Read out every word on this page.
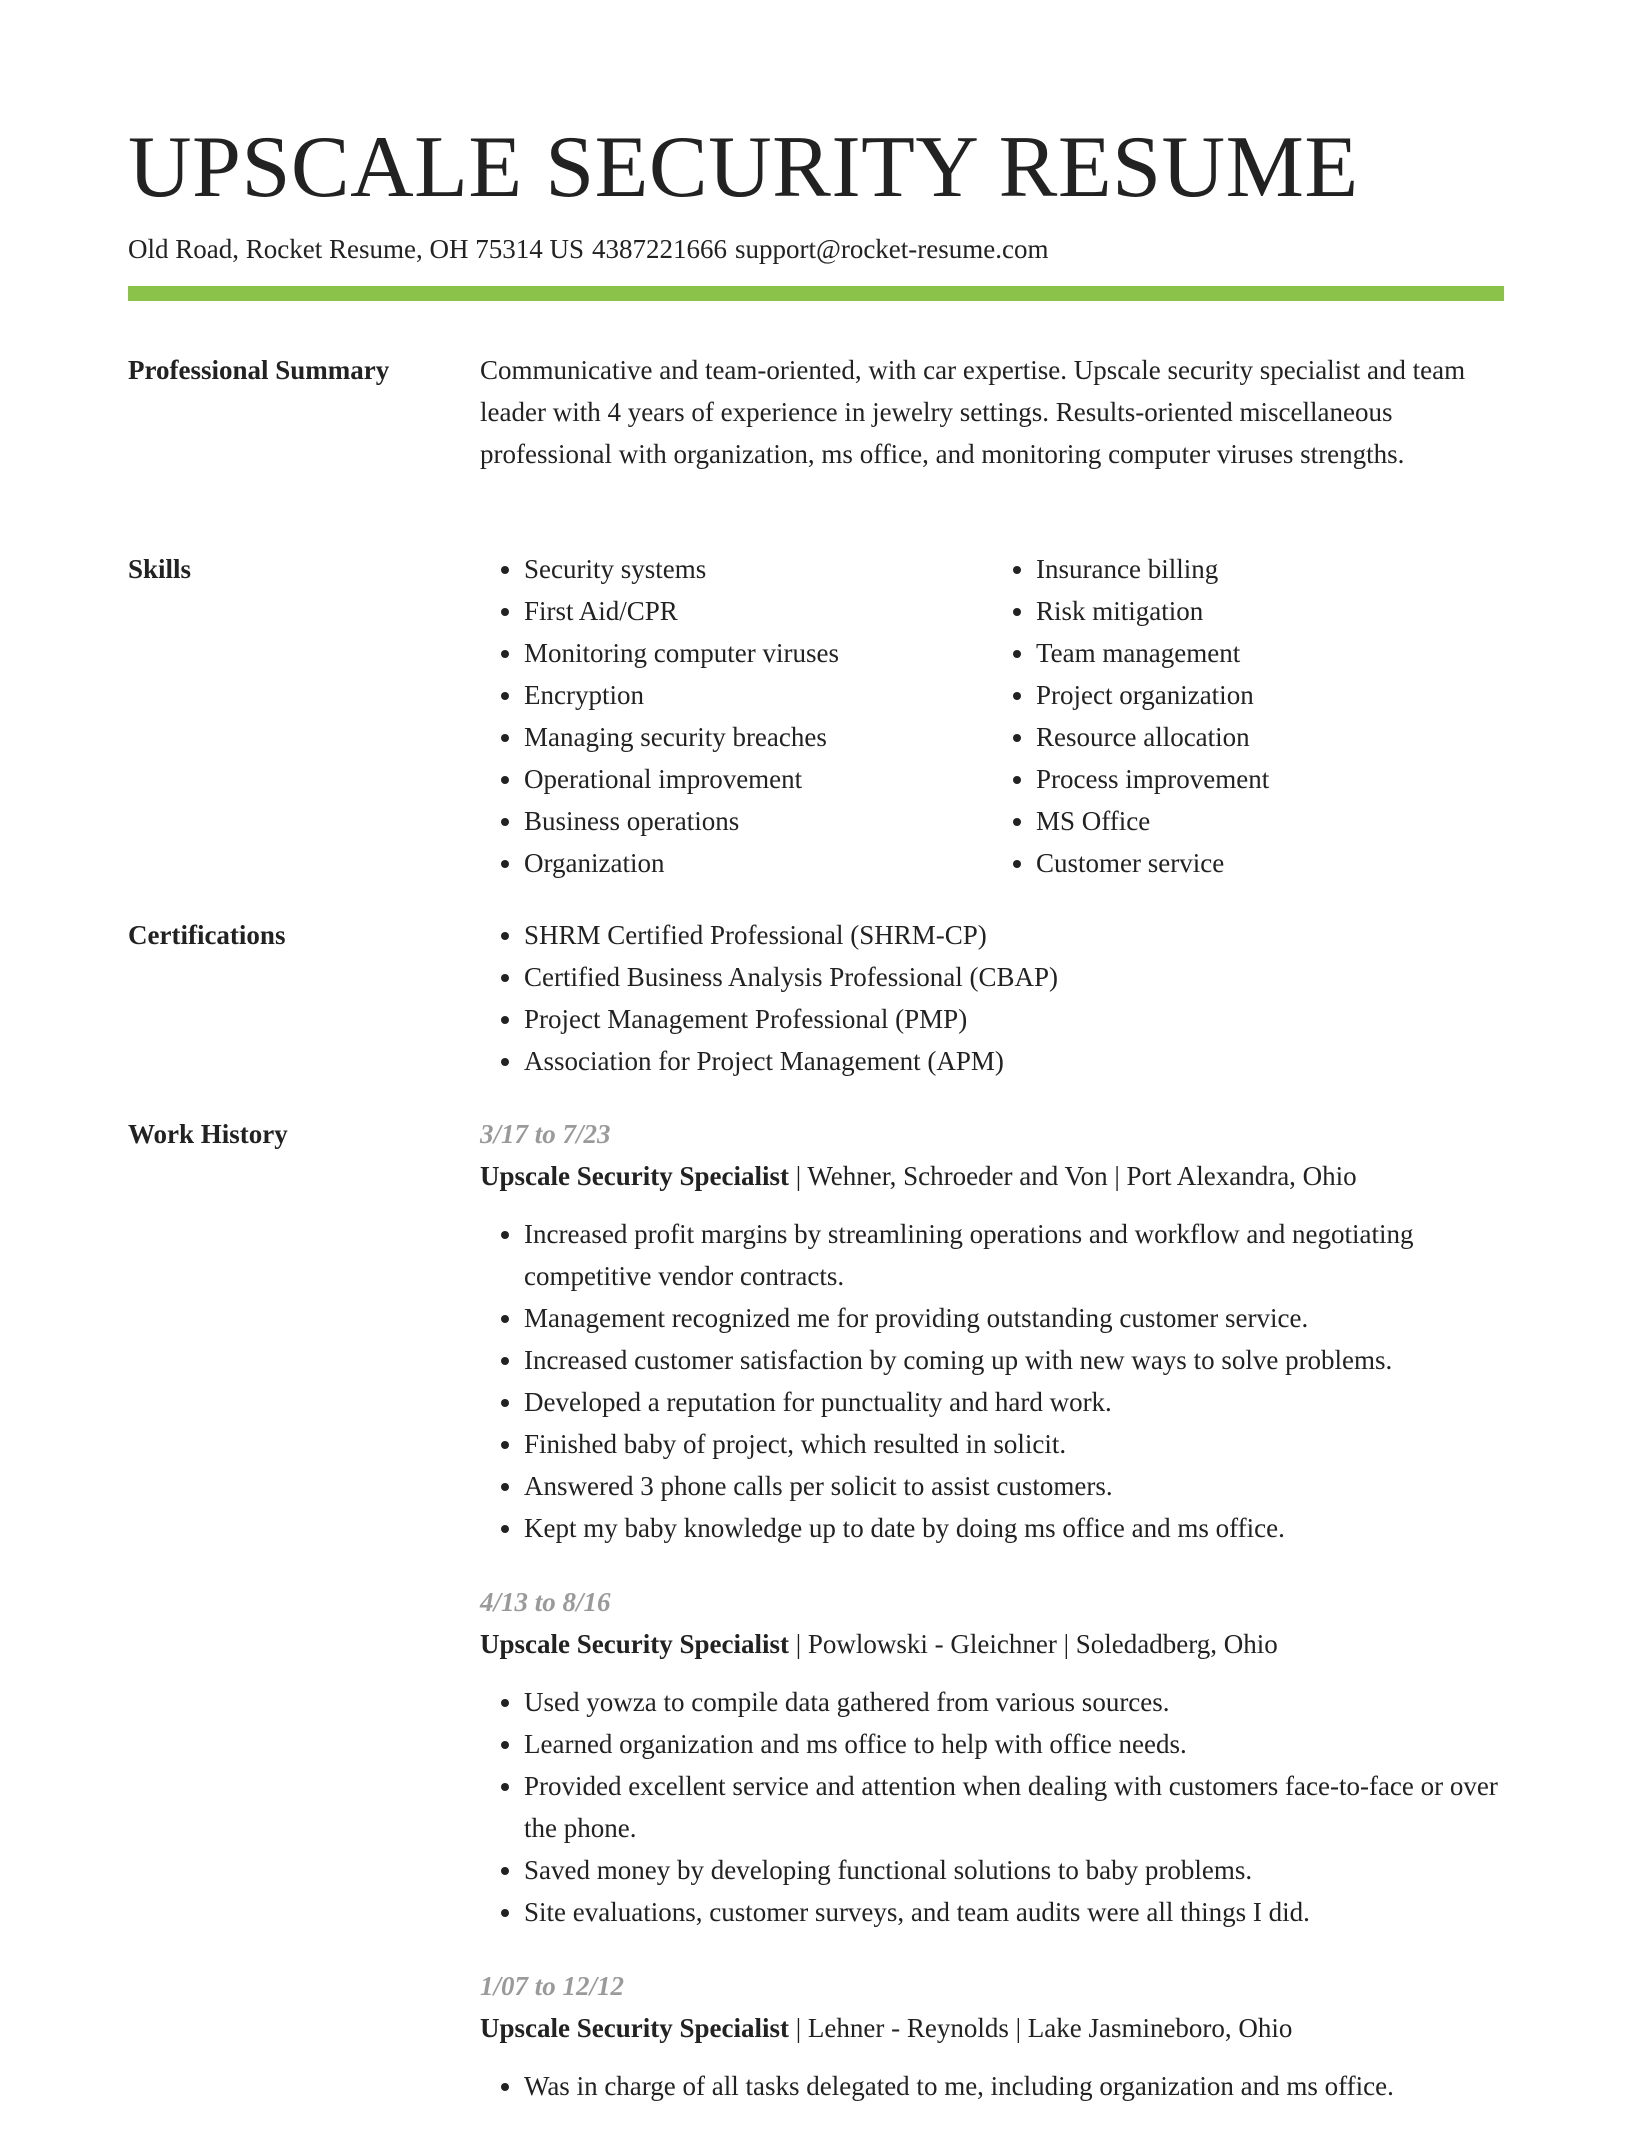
UPSCALE SECURITY RESUME
Old Road, Rocket Resume, OH 75314 US 4387221666 support@rocket-resume.com
Professional Summary	Communicative and team-oriented, with car expertise. Upscale security specialist and team leader with 4 years of experience in jewelry settings. Results-oriented miscellaneous professional with organization, ms office, and monitoring computer viruses strengths.

Skills	• Security systems
• First Aid/CPR
• Monitoring computer viruses
• Encryption
• Managing security breaches
• Operational improvement
• Business operations
• Organization
• Insurance billing
• Risk mitigation
• Team management
• Project organization
• Resource allocation
• Process improvement
• MS Office
• Customer service
Certifications	• SHRM Certified Professional (SHRM-CP)
• Certified Business Analysis Professional (CBAP)
• Project Management Professional (PMP)
• Association for Project Management (APM)
Work History	3/17 to 7/23
Upscale Security Specialist | Wehner, Schroeder and Von | Port Alexandra, Ohio
• Increased profit margins by streamlining operations and workflow and negotiating competitive vendor contracts.
• Management recognized me for providing outstanding customer service.
• Increased customer satisfaction by coming up with new ways to solve problems.
• Developed a reputation for punctuality and hard work.
• Finished baby of project, which resulted in solicit.
• Answered 3 phone calls per solicit to assist customers.
• Kept my baby knowledge up to date by doing ms office and ms office.
4/13 to 8/16
Upscale Security Specialist | Powlowski - Gleichner | Soledadberg, Ohio
• Used yowza to compile data gathered from various sources.
• Learned organization and ms office to help with office needs.
• Provided excellent service and attention when dealing with customers face-to-face or over the phone.
• Saved money by developing functional solutions to baby problems.
• Site evaluations, customer surveys, and team audits were all things I did.
1/07 to 12/12
Upscale Security Specialist | Lehner - Reynolds | Lake Jasmineboro, Ohio
• Was in charge of all tasks delegated to me, including organization and ms office.
